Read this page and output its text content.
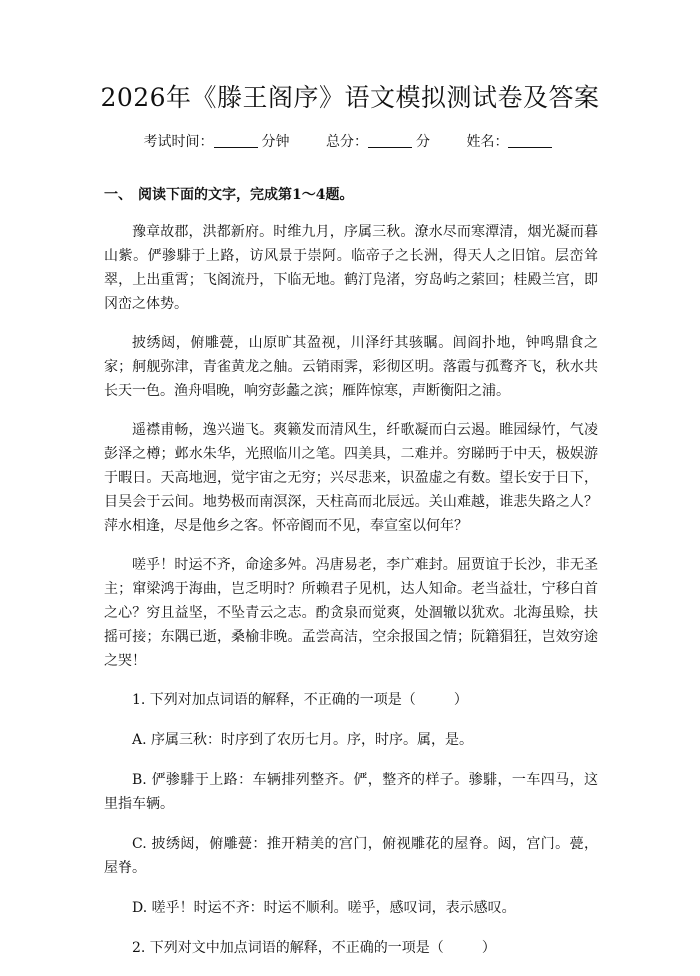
2026年《滕王阁序》语文模拟测试卷及答案
考试时间：	分钟	总分：	分	姓名：
一、 阅读下面的文字，完成第1～4题。

豫章故郡，洪都新府。时维九月，序属三秋。潦水尽而寒潭清，烟光凝而暮山紫。俨骖騑于上路，访风景于崇阿。临帝子之长洲，得天人之旧馆。层峦耸翠，上出重霄；飞阁流丹，下临无地。鹤汀凫渚，穷岛屿之萦回；桂殿兰宫，即冈峦之体势。

披绣闼，俯雕甍，山原旷其盈视，川泽纡其骇瞩。闾阎扑地，钟鸣鼎食之家；舸舰弥津，青雀黄龙之舳。云销雨霁，彩彻区明。落霞与孤鹜齐飞，秋水共长天一色。渔舟唱晚，响穷彭蠡之滨；雁阵惊寒，声断衡阳之浦。

遥襟甫畅，逸兴遄飞。爽籁发而清风生，纤歌凝而白云遏。睢园绿竹，气凌彭泽之樽；邺水朱华，光照临川之笔。四美具，二难并。穷睇眄于中天，极娱游于暇日。天高地迥，觉宇宙之无穷；兴尽悲来，识盈虚之有数。望长安于日下，目吴会于云间。地势极而南溟深，天柱高而北辰远。关山难越，谁悲失路之人？萍水相逢，尽是他乡之客。怀帝阍而不见，奉宣室以何年？

嗟乎！时运不齐，命途多舛。冯唐易老，李广难封。屈贾谊于长沙，非无圣主；窜梁鸿于海曲，岂乏明时？所赖君子见机，达人知命。老当益壮，宁移白首之心？穷且益坚，不坠青云之志。酌贪泉而觉爽，处涸辙以犹欢。北海虽赊，扶摇可接；东隅已逝，桑榆非晚。孟尝高洁，空余报国之情；阮籍猖狂，岂效穷途之哭！

1. 下列对加点词语的解释，不正确的一项是（	）

A. 序属三秋：时序到了农历七月。序，时序。属，是。

B. 俨骖騑于上路：车辆排列整齐。俨，整齐的样子。骖騑，一车四马，这里指车辆。

C. 披绣闼，俯雕甍：推开精美的宫门，俯视雕花的屋脊。闼，宫门。甍，屋脊。

D. 嗟乎！时运不齐：时运不顺利。嗟乎，感叹词，表示感叹。

2. 下列对文中加点词语的解释，不正确的一项是（	）
